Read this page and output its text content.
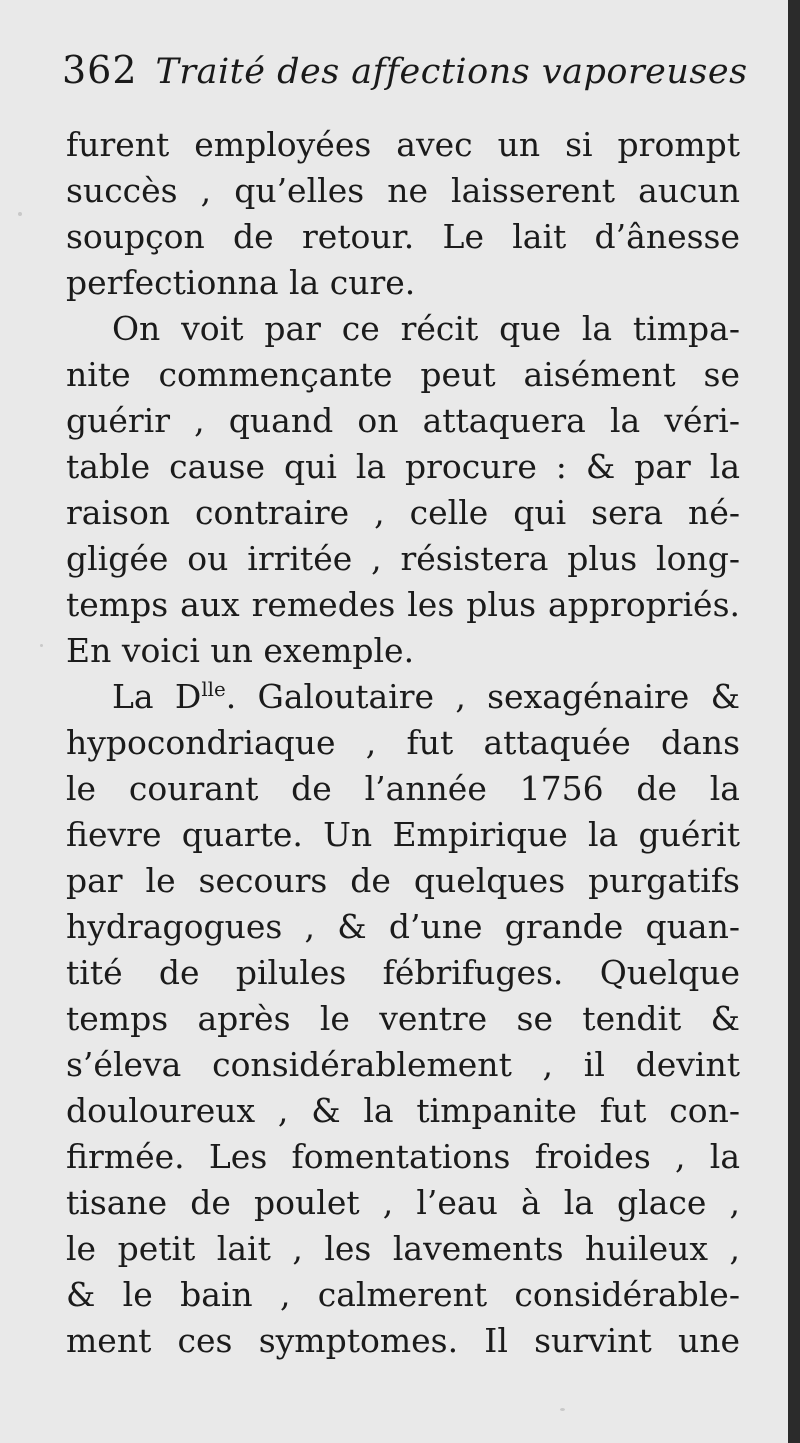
362 Traité des affections vaporeuses
furent employées avec un si prompt
succès , qu’elles ne laisserent aucun
soupçon de retour. Le lait d’ânesse
perfectionna la cure.
On voit par ce récit que la timpa-
nite commençante peut aisément se
guérir , quand on attaquera la véri-
table cause qui la procure : & par la
raison contraire , celle qui sera né-
gligée ou irritée , résistera plus long-
temps aux remedes les plus appropriés.
En voici un exemple.
La $D^{lle}$. Galoutaire , sexagénaire &
hypocondriaque , fut attaquée dans
le courant de l’année 1756 de la
fievre quarte. Un Empirique la guérit
par le secours de quelques purgatifs
hydragogues , & d’une grande quan-
tité de pilules fébrifuges. Quelque
temps après le ventre se tendit &
s’éleva considérablement , il devint
douloureux , & la timpanite fut con-
firmée. Les fomentations froides , la
tisane de poulet , l’eau à la glace ,
le petit lait , les lavements huileux ,
& le bain , calmerent considérable-
ment ces symptomes. Il survint une
